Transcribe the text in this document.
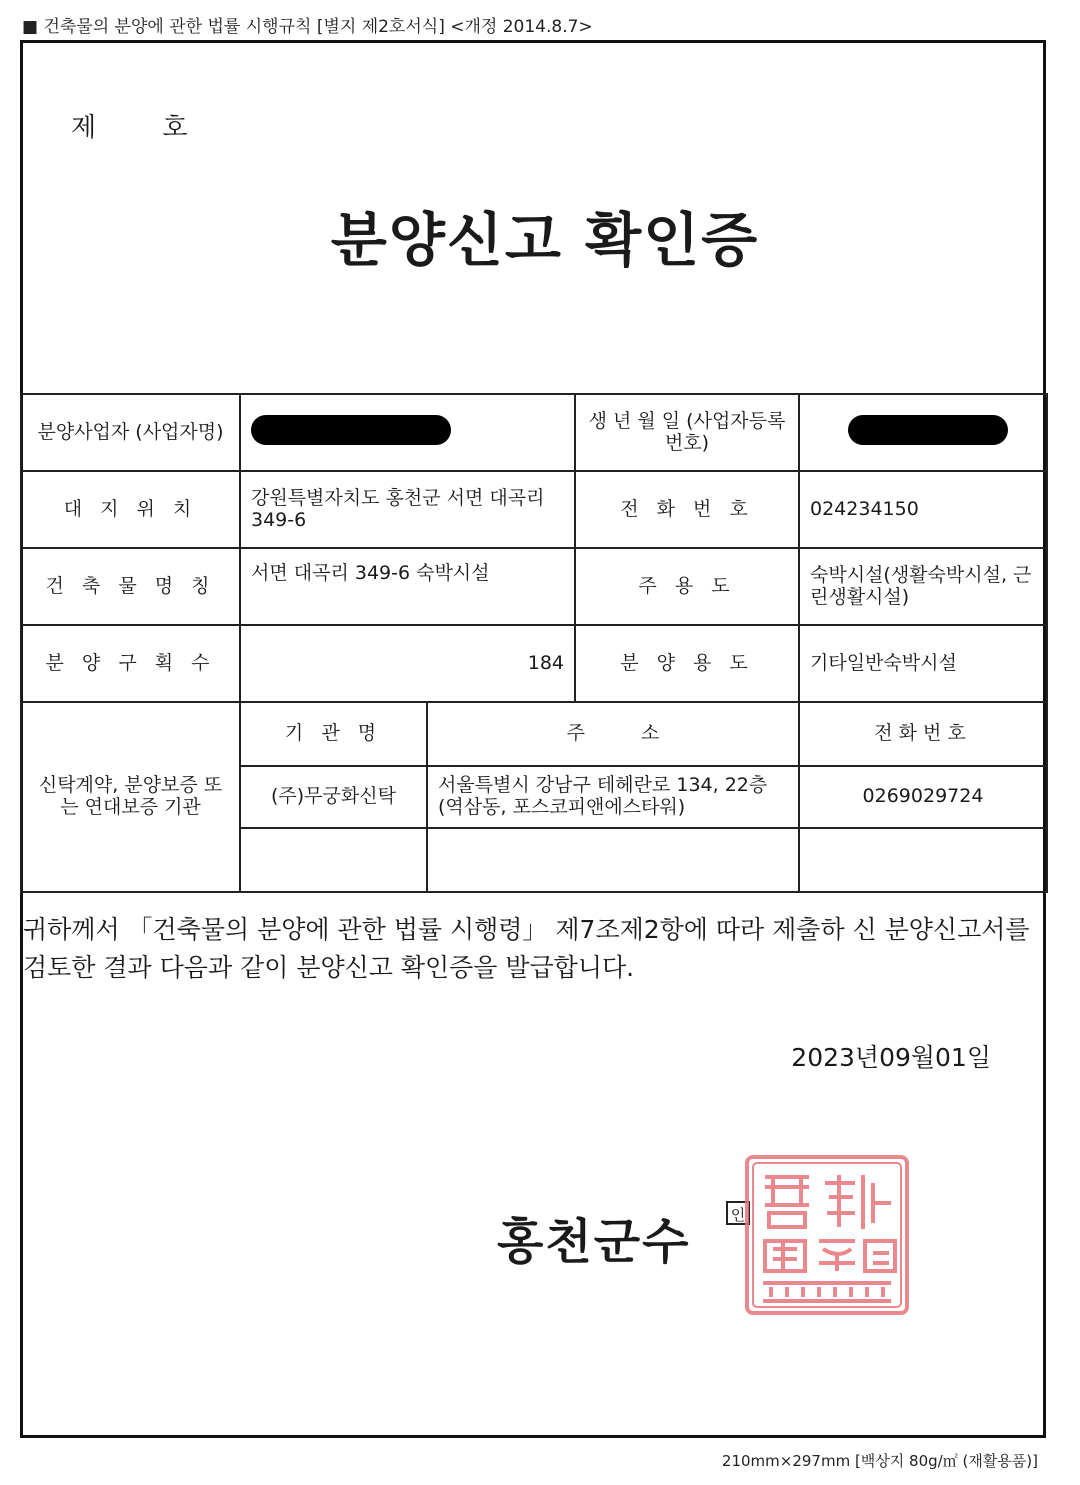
■ 건축물의 분양에 관한 법률 시행규칙 [별지 제2호서식] <개정 2014.8.7>
제 호
분양신고 확인증
분양사업자 (사업자명)			생 년 월 일 (사업자등록번호)	
대 지 위 치	강원특별자치도 홍천군 서면 대곡리 349-6		전 화 번 호	024234150
건 축 물 명 칭	서면 대곡리 349-6 숙박시설		주 용 도	숙박시설(생활숙박시설, 근린생활시설)
분 양 구 획 수	184		분 양 용 도	기타일반숙박시설
신탁계약, 분양보증 또는 연대보증 기관	기 관 명	주 소		전화번호
	(주)무궁화신탁	서울특별시 강남구 테헤란로 134, 22층(역삼동, 포스코피앤에스타워)		0269029724

귀하께서 「건축물의 분양에 관한 법률 시행령」 제7조제2항에 따라 제출하 신 분양신고서를 검토한 결과 다음과 같이 분양신고 확인증을 발급합니다.
2023년09월01일
홍천군수	인
210mm×297mm [백상지 80g/㎡ (재활용품)]
